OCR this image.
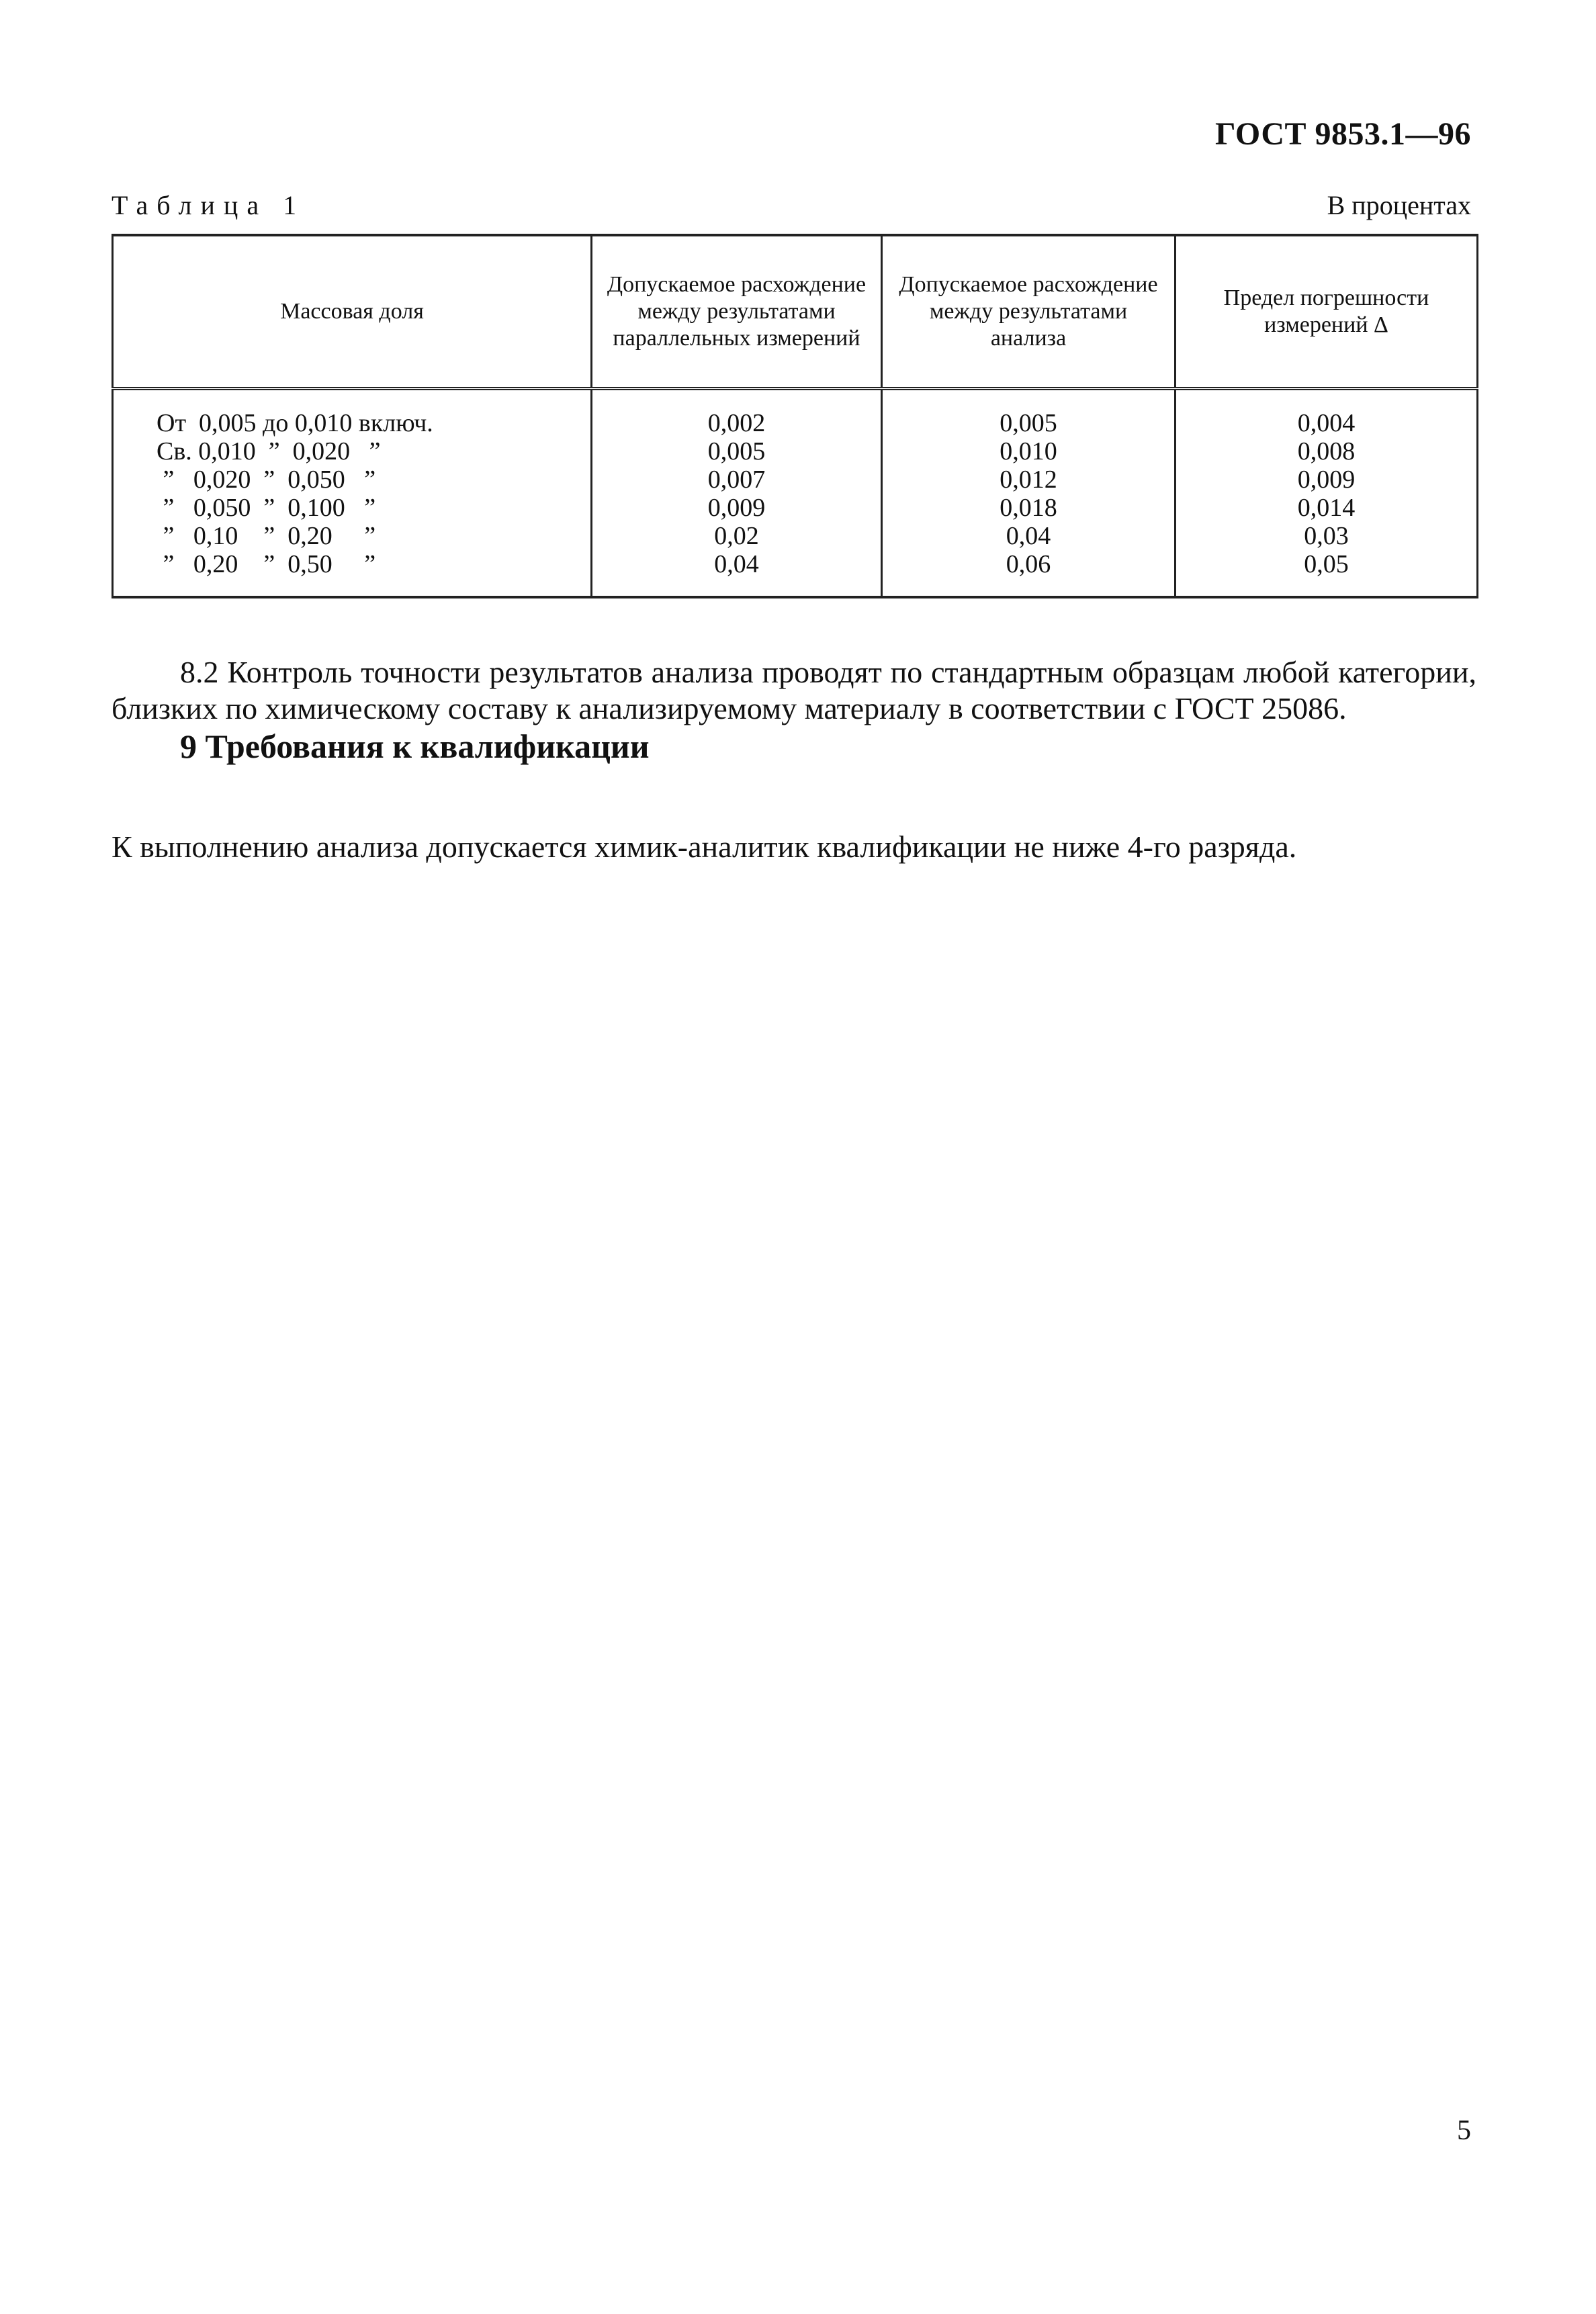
ГОСТ 9853.1—96
Таблица 1	В процентах
Массовая доля	Допускаемое расхождение между результатами параллельных измерений	Допускаемое расхождение между результатами анализа	Предел погрешности измерений Δ
От  0,005 до 0,010 включ.	0,002	0,005	0,004
Св. 0,010  ”  0,020   ”	0,005	0,010	0,008
”   0,020  ”  0,050   ”	0,007	0,012	0,009
”   0,050  ”  0,100   ”	0,009	0,018	0,014
”   0,10    ”  0,20     ”	0,02	0,04	0,03
”   0,20    ”  0,50     ”	0,04	0,06	0,05

8.2 Контроль точности результатов анализа проводят по стандартным образцам любой категории, близких по химическому составу к анализируемому материалу в соответствии с ГОСТ 25086.

9 Требования к квалификации

К выполнению анализа допускается химик-аналитик квалификации не ниже 4-го разряда.

5
